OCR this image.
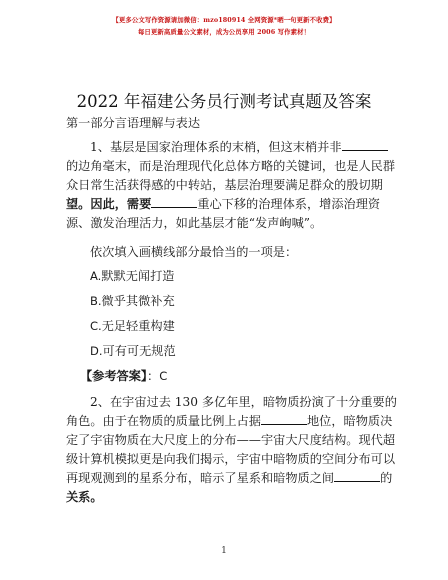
【更多公文写作资源请加微信：mzo180914 全网资源*晒一句更新不收费】
每日更新高质量公文素材，成为公员享用 2006 写作素材！
2022 年福建公务员行测考试真题及答案
第一部分言语理解与表达
1、基层是国家治理体系的末梢，但这末梢并非
的边角毫末，而是治理现代化总体方略的关键词，也是人民群
众日常生活获得感的中转站，基层治理要满足群众的殷切期
望。因此，需要	重心下移的治理体系，增添治理资
源、激发治理活力，如此基层才能“发声峋喊”。
依次填入画横线部分最恰当的一项是：
A.默默无闻打造
B.微乎其微补充
C.无足轻重构建
D.可有可无规范
【参考答案】：C
2、在宇宙过去 130 多亿年里，暗物质扮演了十分重要的
角色。由于在物质的质量比例上占据	地位，暗物质决
定了宇宙物质在大尺度上的分布——宇宙大尺度结构。现代超
级计算机模拟更是向我们揭示，宇宙中暗物质的空间分布可以
再现观测到的星系分布，暗示了星系和暗物质之间	的
关系。
1
